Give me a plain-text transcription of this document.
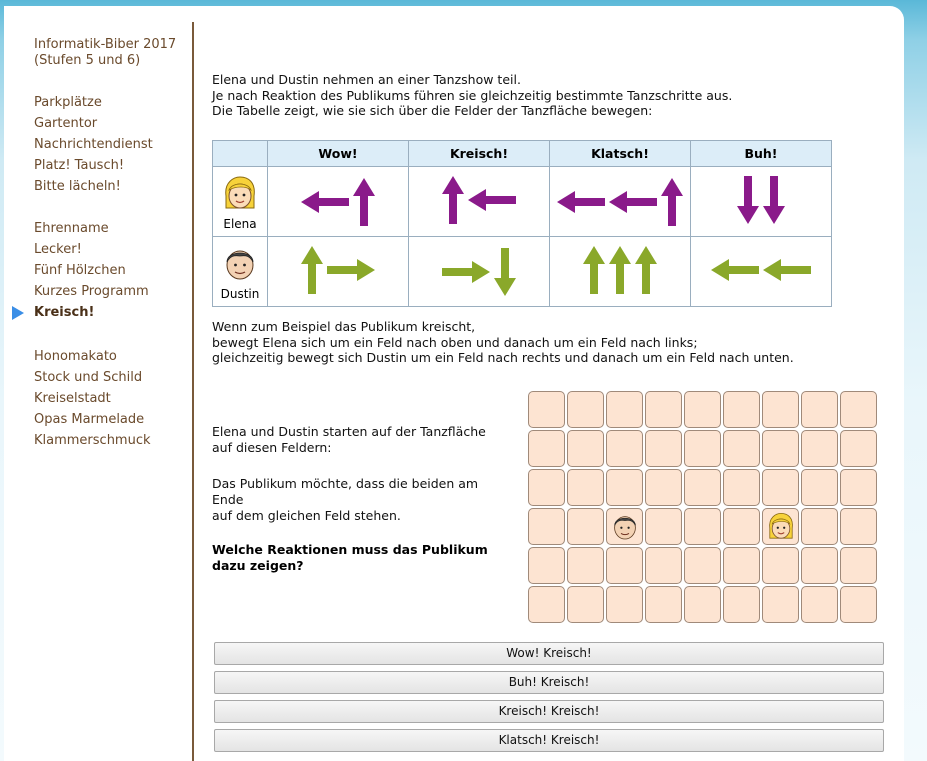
Informatik-Biber 2017
(Stufen 5 und 6)
Parkplätze
Gartentor
Nachrichtendienst
Platz! Tausch!
Bitte lächeln!
Ehrenname
Lecker!
Fünf Hölzchen
Kurzes Programm
Kreisch!
Honomakato
Stock und Schild
Kreiselstadt
Opas Marmelade
Klammerschmuck
Elena und Dustin nehmen an einer Tanzshow teil.
Je nach Reaktion des Publikums führen sie gleichzeitig bestimmte Tanzschritte aus.
Die Tabelle zeigt, wie sie sich über die Felder der Tanzfläche bewegen:
	Wow!	Kreisch!	Klatsch!	Buh!

Elena

Dustin

Wenn zum Beispiel das Publikum kreischt,
bewegt Elena sich um ein Feld nach oben und danach um ein Feld nach links;
gleichzeitig bewegt sich Dustin um ein Feld nach rechts und danach um ein Feld nach unten.
Elena und Dustin starten auf der Tanzfläche
auf diesen Feldern:
Das Publikum möchte, dass die beiden am
Ende
auf dem gleichen Feld stehen.
Welche Reaktionen muss das Publikum
dazu zeigen?
Wow! Kreisch!
Buh! Kreisch!
Kreisch! Kreisch!
Klatsch! Kreisch!
